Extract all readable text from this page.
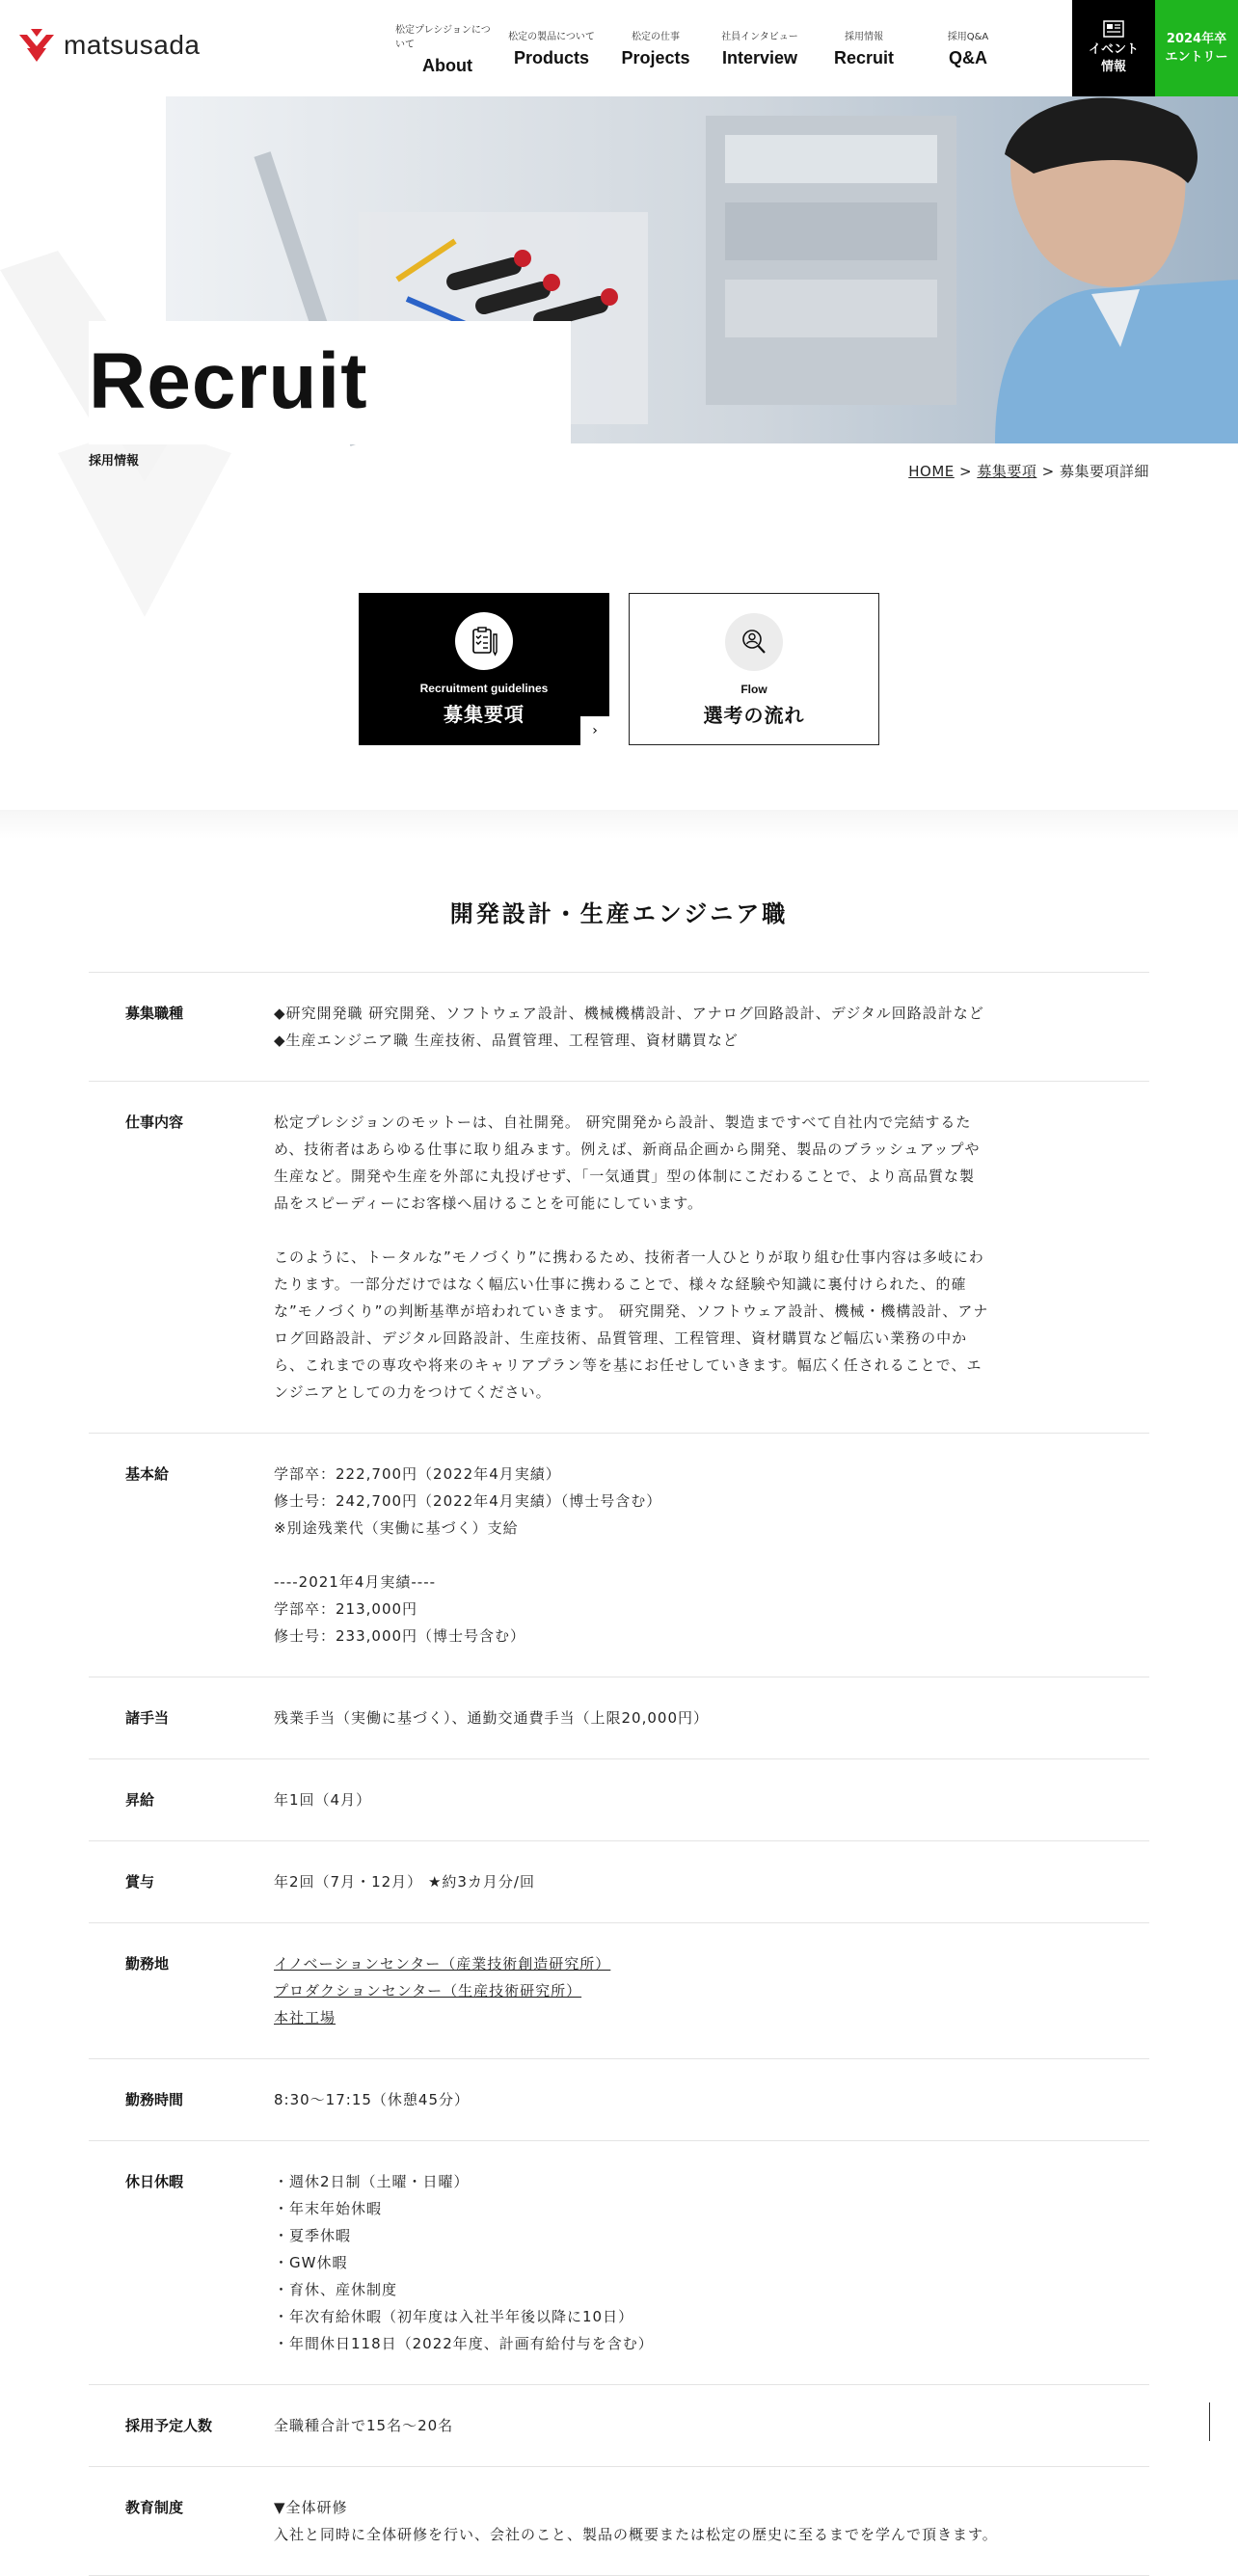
matsusada	松定プレシジョンについて
About
松定の製品について
Products
松定の仕事
Projects
社員インタビュー
Interview
採用情報
Recruit
採用Q&A
Q&A	イベント
情報
2024年卒
エントリー
Recruit
採用情報
HOME > 募集要項 > 募集要項詳細
Recruitment guidelines
募集要項
›
Flow
選考の流れ
開発設計・生産エンジニア職
募集職種	◆研究開発職 研究開発、ソフトウェア設計、機械機構設計、アナログ回路設計、デジタル回路設計など

◆生産エンジニア職 生産技術、品質管理、工程管理、資材購買など

仕事内容	松定プレシジョンのモットーは、自社開発。 研究開発から設計、製造まですべて自社内で完結するた

め、技術者はあらゆる仕事に取り組みます。例えば、新商品企画から開発、製品のブラッシュアップや

生産など。開発や生産を外部に丸投げせず、「一気通貫」型の体制にこだわることで、より高品質な製

品をスピーディーにお客様へ届けることを可能にしています。

このように、トータルな”モノづくり”に携わるため、技術者一人ひとりが取り組む仕事内容は多岐にわ

たります。一部分だけではなく幅広い仕事に携わることで、様々な経験や知識に裏付けられた、的確

な”モノづくり”の判断基準が培われていきます。 研究開発、ソフトウェア設計、機械・機構設計、アナ

ログ回路設計、デジタル回路設計、生産技術、品質管理、工程管理、資材購買など幅広い業務の中か

ら、これまでの専攻や将来のキャリアプラン等を基にお任せしていきます。幅広く任されることで、エ

ンジニアとしての力をつけてください。

基本給	学部卒：222,700円（2022年4月実績）

修士号：242,700円（2022年4月実績）（博士号含む）

※別途残業代（実働に基づく）支給

----2021年4月実績----

学部卒：213,000円

修士号：233,000円（博士号含む）

諸手当	残業手当（実働に基づく）、通勤交通費手当（上限20,000円）

昇給	年1回（4月）

賞与	年2回（7月・12月） ★約3カ月分/回

勤務地	イノベーションセンター（産業技術創造研究所）
プロダクションセンター（生産技術研究所）
本社工場
勤務時間	8:30～17:15（休憩45分）

休日休暇	・週休2日制（土曜・日曜）

・年末年始休暇

・夏季休暇

・GW休暇

・育休、産休制度

・年次有給休暇（初年度は入社半年後以降に10日）

・年間休日118日（2022年度、計画有給付与を含む）

採用予定人数	全職種合計で15名～20名

教育制度	▼全体研修

入社と同時に全体研修を行い、会社のこと、製品の概要または松定の歴史に至るまでを学んで頂きます。
